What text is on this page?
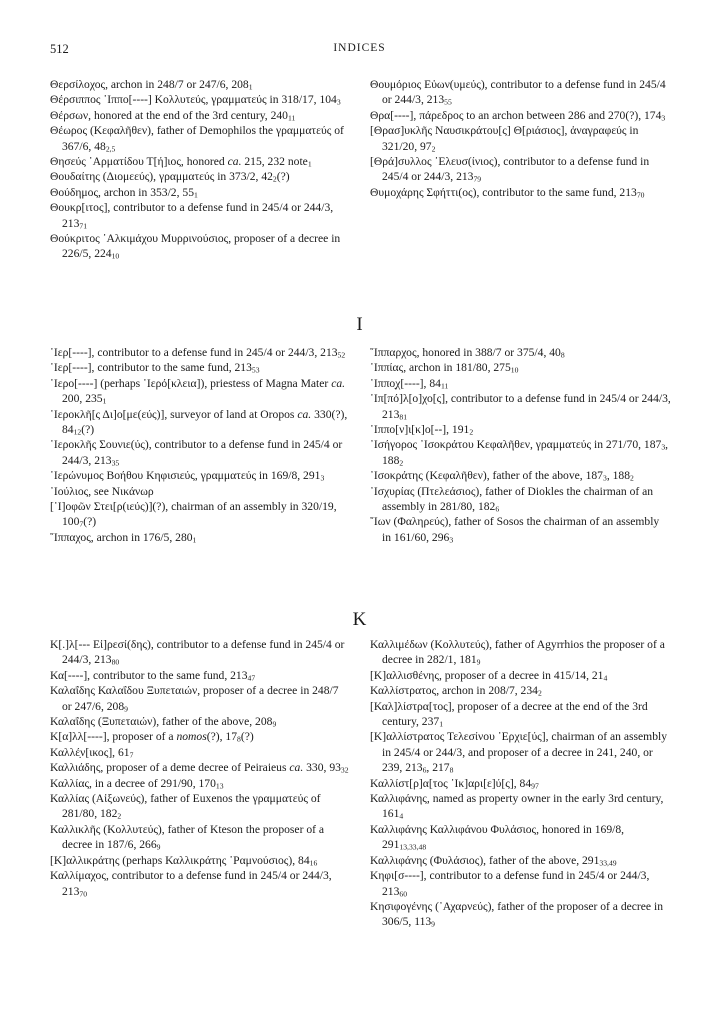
512	INDICES

Θερσίλοχος, archon in 248/7 or 247/6, $208_1$

Θέρσιππος ῾Ιππο[----] Κολλυτεύς, γραμματεύς in 318/17, $104_3$

Θέρσων, honored at the end of the 3rd century, $240_{11}$

Θέωρος (Κεφαλῆθεν), father of Demophilos the γραμματεύς of 367/6, $48_{2,5}$

Θησεύς ᾿Αρματίδου Τ[ή]ιος, honored ca. 215, 232 note$_1$

Θουδαίτης (Διομεεύς), γραμματεύς in 373/2, $42_2(?)$

Θούδημος, archon in 353/2, $55_1$

Θουκρ[ιτος], contributor to a defense fund in 245/4 or 244/3, $213_{71}$

Θούκριτος ᾿Αλκιμάχου Μυρρινούσιος, proposer of a decree in 226/5, $224_{10}$

Θουμόριος Εὐων(υμεύς), contributor to a defense fund in 245/4 or 244/3, $213_{55}$

Θρα[----], πάρεδρος to an archon between 286 and 270(?), $174_3$

[Θρασ]υκλῆς Ναυσικράτου[ς] Θ[ριάσιος], ἀναγραφεύς in 321/20, $97_2$

[Θρά]συλλος ᾿Ελευσ(ίνιος), contributor to a defense fund in 245/4 or 244/3, $213_{79}$

Θυμοχάρης Σφήττι(ος), contributor to the same fund, $213_{70}$

I

῾Ιερ[----], contributor to a defense fund in 245/4 or 244/3, $213_{52}$

῾Ιερ[----], contributor to the same fund, $213_{53}$

῾Ιερο[----] (perhaps ῾Ιερό[κλεια]), priestess of Magna Mater ca. 200, $235_1$

῾Ιεροκλῆ[ς Δι]ο[με(εύς)], surveyor of land at Oropos ca. 330(?), $84_{12}(?)$

῾Ιεροκλῆς Σουνιε(ύς), contributor to a defense fund in 245/4 or 244/3, $213_{35}$

῾Ιερώνυμος Βοήθου Κηφισιεύς, γραμματεύς in 169/8, $291_3$

᾿Ιούλιος, see Νικάνωρ

[῾Ι]οφῶν Στει[ρ(ιεύς)](?), chairman of an assembly in 320/19, $100_7(?)$

῞Ιππαχος, archon in 176/5, $280_1$

῞Ιππαρχος, honored in 388/7 or 375/4, $40_8$

῾Ιππίας, archon in 181/80, $275_{10}$

῾Ιππο̣χ[----], $84_{11}$

῾Ιπ[πό]λ[ο]χο[ς], contributor to a defense fund in 245/4 or 244/3, $213_{81}$

῾Ιππο[ν]ι[κ]ο[--], $191_2$

᾿Ισήγορος ᾿Ισοκράτου Κεφαλῆθεν, γραμματεύς in 271/70, $187_3$, $188_2$

᾿Ισοκράτης (Κεφαλῆθεν), father of the above, $187_3$, $188_2$

᾿Ισχυρίας (Πτελεάσιος), father of Diokles the chairman of an assembly in 281/80, $182_6$

῎Ιων (Φαληρεύς), father of Sosos the chairman of an assembly in 161/60, $296_3$

K

Κ[.]λ[--- Εἰ]ρεσί(δης), contributor to a defense fund in 245/4 or 244/3, $213_{80}$

Κα[----], contributor to the same fund, $213_{47}$

Καλαΐδης Καλαΐδου Ξυπεταιών, proposer of a decree in 248/7 or 247/6, $208_9$

Καλαΐδης (Ξυπεταιών), father of the above, $208_9$

Κ[α]λλ[----], proposer of a nomos(?), $17_8(?)$

Καλλέ̣ν[ικος], $61_7$

Καλλιάδης, proposer of a deme decree of Peiraieus ca. 330, $93_{32}$

Καλλίας, in a decree of 291/90, $170_{13}$

Καλλίας (Αἰξωνεύς), father of Euxenos the γραμματεύς of 281/80, $182_2$

Καλλικλῆς (Κολλυτεύς), father of Kteson the proposer of a decree in 187/6, $266_9$

[Κ]αλλικράτης (perhaps Καλλικράτης ῾Ραμνούσιος), $84_{16}$

Καλλίμαχος, contributor to a defense fund in 245/4 or 244/3, $213_{70}$

Καλλιμέδων (Κολλυτεύς), father of Agyrrhios the proposer of a decree in 282/1, $181_9$

[Κ]αλλισθένης, proposer of a decree in 415/14, $21_4$

Καλλίστρατος, archon in 208/7, $234_2$

[Καλ]λίστρα[τος], proposer of a decree at the end of the 3rd century, $237_1$

[Κ]αλλίστρατος Τελεσίνου ᾿Ερχιε[ύς], chairman of an assembly in 245/4 or 244/3, and proposer of a decree in 241, 240, or 239, $213_6$, $217_8$

Καλλίστ[ρ]α[τος ᾿Ικ]αρι[ε]ύ[ς], $84_{97}$

Καλλιφάνης, named as property owner in the early 3rd century, $161_4$

Καλλιφάνης Καλλιφάνου Φυλάσιος, honored in 169/8, $291_{13,33,48}$

Καλλιφάνης (Φυλάσιος), father of the above, $291_{33,49}$

Κηφι[σ----], contributor to a defense fund in 245/4 or 244/3, $213_{60}$

Κησιφογένης (᾿Αχαρνεύς), father of the proposer of a decree in 306/5, $113_9$
